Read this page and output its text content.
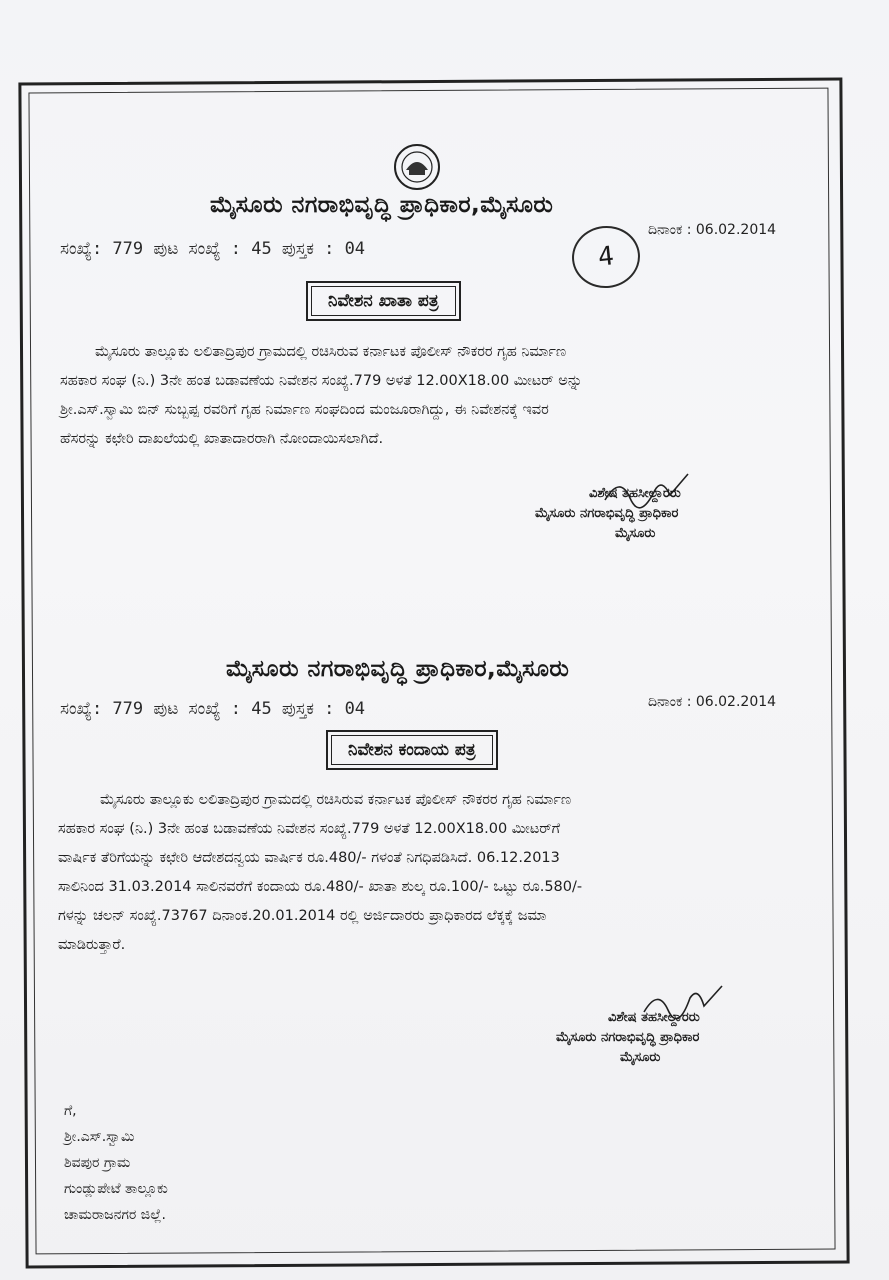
ಮೈಸೂರು ನಗರಾಭಿವೃದ್ಧಿ ಪ್ರಾಧಿಕಾರ,ಮೈಸೂರು
ಸಂಖ್ಯೆ: 779 ಪುಟ ಸಂಖ್ಯೆ : 45 ಪುಸ್ತಕ : 04	4
ದಿನಾಂಕ : 06.02.2014
ನಿವೇಶನ ಖಾತಾ ಪತ್ರ
ಮೈಸೂರು ತಾಲ್ಲೂಕು ಲಲಿತಾದ್ರಿಪುರ ಗ್ರಾಮದಲ್ಲಿ ರಚಿಸಿರುವ ಕರ್ನಾಟಕ ಪೊಲೀಸ್ ನೌಕರರ ಗೃಹ ನಿರ್ಮಾಣ
ಸಹಕಾರ ಸಂಘ (ನಿ.) 3ನೇ ಹಂತ ಬಡಾವಣೆಯ ನಿವೇಶನ ಸಂಖ್ಯೆ.779 ಅಳತೆ 12.00X18.00 ಮೀಟರ್ ಅನ್ನು
ಶ್ರೀ.ಎಸ್.ಸ್ವಾಮಿ ಬಿನ್ ಸುಬ್ಬಪ್ಪ ರವರಿಗೆ ಗೃಹ ನಿರ್ಮಾಣ ಸಂಘದಿಂದ ಮಂಜೂರಾಗಿದ್ದು, ಈ ನಿವೇಶನಕ್ಕೆ ಇವರ
ಹೆಸರನ್ನು ಕಛೇರಿ ದಾಖಲೆಯಲ್ಲಿ ಖಾತಾದಾರರಾಗಿ ನೋಂದಾಯಿಸಲಾಗಿದೆ.
ವಿಶೇಷ ತಹಸೀಲ್ದಾರರು
ಮೈಸೂರು ನಗರಾಭಿವೃದ್ಧಿ ಪ್ರಾಧಿಕಾರ
ಮೈಸೂರು
ಮೈಸೂರು ನಗರಾಭಿವೃದ್ಧಿ ಪ್ರಾಧಿಕಾರ,ಮೈಸೂರು
ಸಂಖ್ಯೆ: 779 ಪುಟ ಸಂಖ್ಯೆ : 45 ಪುಸ್ತಕ : 04	ದಿನಾಂಕ : 06.02.2014
ನಿವೇಶನ ಕಂದಾಯ ಪತ್ರ
ಮೈಸೂರು ತಾಲ್ಲೂಕು ಲಲಿತಾದ್ರಿಪುರ ಗ್ರಾಮದಲ್ಲಿ ರಚಿಸಿರುವ ಕರ್ನಾಟಕ ಪೊಲೀಸ್ ನೌಕರರ ಗೃಹ ನಿರ್ಮಾಣ
ಸಹಕಾರ ಸಂಘ (ನಿ.) 3ನೇ ಹಂತ ಬಡಾವಣೆಯ ನಿವೇಶನ ಸಂಖ್ಯೆ.779 ಅಳತೆ 12.00X18.00 ಮೀಟರ್‌ಗೆ
ವಾರ್ಷಿಕ ತೆರಿಗೆಯನ್ನು ಕಛೇರಿ ಆದೇಶದನ್ವಯ ವಾರ್ಷಿಕ ರೂ.480/- ಗಳಂತೆ ನಿಗಧಿಪಡಿಸಿದೆ. 06.12.2013
ಸಾಲಿನಿಂದ 31.03.2014 ಸಾಲಿನವರೆಗೆ ಕಂದಾಯ ರೂ.480/- ಖಾತಾ ಶುಲ್ಕ ರೂ.100/- ಒಟ್ಟು ರೂ.580/-
ಗಳನ್ನು ಚಲನ್ ಸಂಖ್ಯೆ.73767 ದಿನಾಂಕ.20.01.2014 ರಲ್ಲಿ ಅರ್ಜಿದಾರರು ಪ್ರಾಧಿಕಾರದ ಲೆಕ್ಕಕ್ಕೆ ಜಮಾ
ಮಾಡಿರುತ್ತಾರೆ.
ವಿಶೇಷ ತಹಸೀಲ್ದಾರರು
ಮೈಸೂರು ನಗರಾಭಿವೃದ್ಧಿ ಪ್ರಾಧಿಕಾರ
ಮೈಸೂರು
ಗೆ,
ಶ್ರೀ.ಎಸ್.ಸ್ವಾಮಿ
ಶಿವಪುರ ಗ್ರಾಮ
ಗುಂಡ್ಲುಪೇಟೆ ತಾಲ್ಲೂಕು
ಚಾಮರಾಜನಗರ ಜಿಲ್ಲೆ.
